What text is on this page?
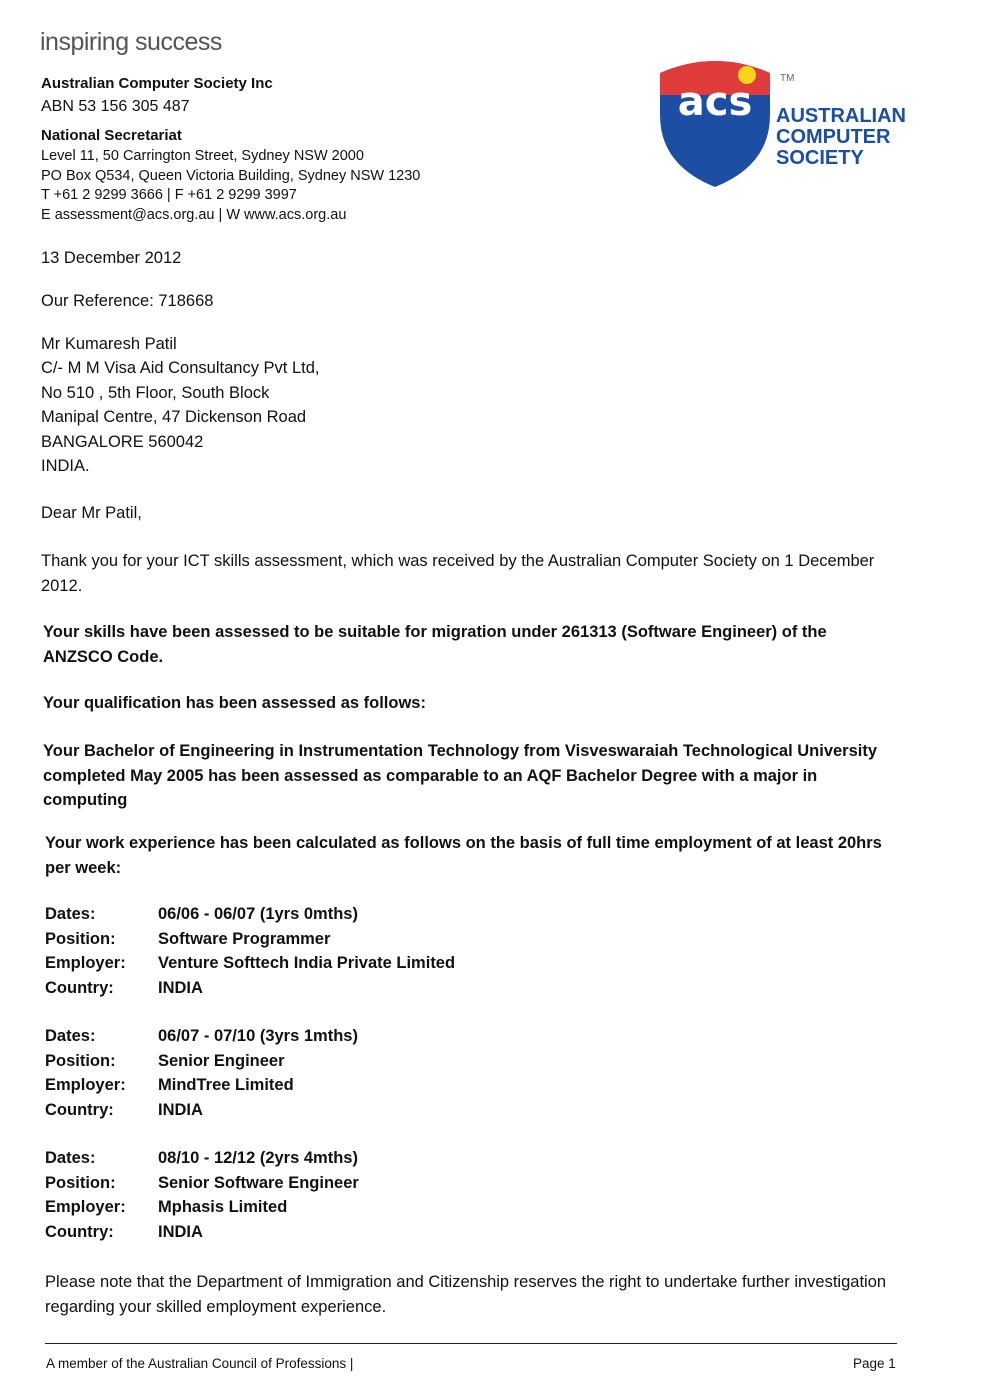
inspiring success
Australian Computer Society Inc
ABN 53 156 305 487
National Secretariat
Level 11, 50 Carrington Street, Sydney NSW 2000
PO Box Q534, Queen Victoria Building, Sydney NSW 1230
T +61 2 9299 3666 | F +61 2 9299 3997
E assessment@acs.org.au | W www.acs.org.au
acs
TM
AUSTRALIAN
COMPUTER
SOCIETY
13 December 2012
Our Reference: 718668
Mr Kumaresh Patil
C/- M M Visa Aid Consultancy Pvt Ltd,
No 510 , 5th Floor, South Block
Manipal Centre, 47 Dickenson Road
BANGALORE 560042
INDIA.
Dear Mr Patil,
Thank you for your ICT skills assessment, which was received by the Australian Computer Society on 1 December 2012.
Your skills have been assessed to be suitable for migration under 261313 (Software Engineer) of the ANZSCO Code.
Your qualification has been assessed as follows:
Your Bachelor of Engineering in Instrumentation Technology from Visveswaraiah Technological University completed May 2005 has been assessed as comparable to an AQF Bachelor Degree with a major in computing
Your work experience has been calculated as follows on the basis of full time employment of at least 20hrs per week:
Dates:	06/06 - 06/07 (1yrs 0mths)
Position:	Software Programmer
Employer:	Venture Softtech India Private Limited
Country:	INDIA
Dates:	06/07 - 07/10 (3yrs 1mths)
Position:	Senior Engineer
Employer:	MindTree Limited
Country:	INDIA
Dates:	08/10 - 12/12 (2yrs 4mths)
Position:	Senior Software Engineer
Employer:	Mphasis Limited
Country:	INDIA
Please note that the Department of Immigration and Citizenship reserves the right to undertake further investigation regarding your skilled employment experience.
A member of the Australian Council of Professions |	Page 1
